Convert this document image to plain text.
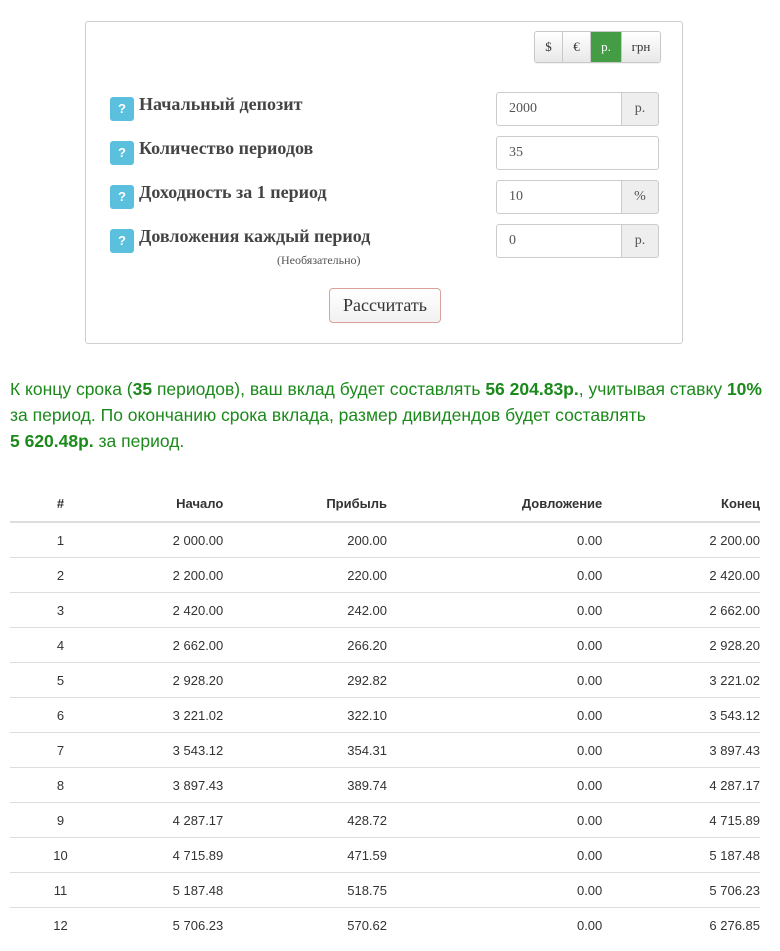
$	€	р.	грн
? Начальный депозит	2000	р.
? Количество периодов	35
? Доходность за 1 период	10	%
? Довложения каждый период
(Необязательно)
0	р.
Рассчитать
К концу срока (35 периодов), ваш вклад будет составлять 56 204.83р., учитывая ставку 10% за период. По окончанию срока вклада, размер дивидендов будет составлять
5 620.48р. за период.
#	Начало	Прибыль	Довложение	Конец
1	2 000.00	200.00	0.00	2 200.00
2	2 200.00	220.00	0.00	2 420.00
3	2 420.00	242.00	0.00	2 662.00
4	2 662.00	266.20	0.00	2 928.20
5	2 928.20	292.82	0.00	3 221.02
6	3 221.02	322.10	0.00	3 543.12
7	3 543.12	354.31	0.00	3 897.43
8	3 897.43	389.74	0.00	4 287.17
9	4 287.17	428.72	0.00	4 715.89
10	4 715.89	471.59	0.00	5 187.48
11	5 187.48	518.75	0.00	5 706.23
12	5 706.23	570.62	0.00	6 276.85
